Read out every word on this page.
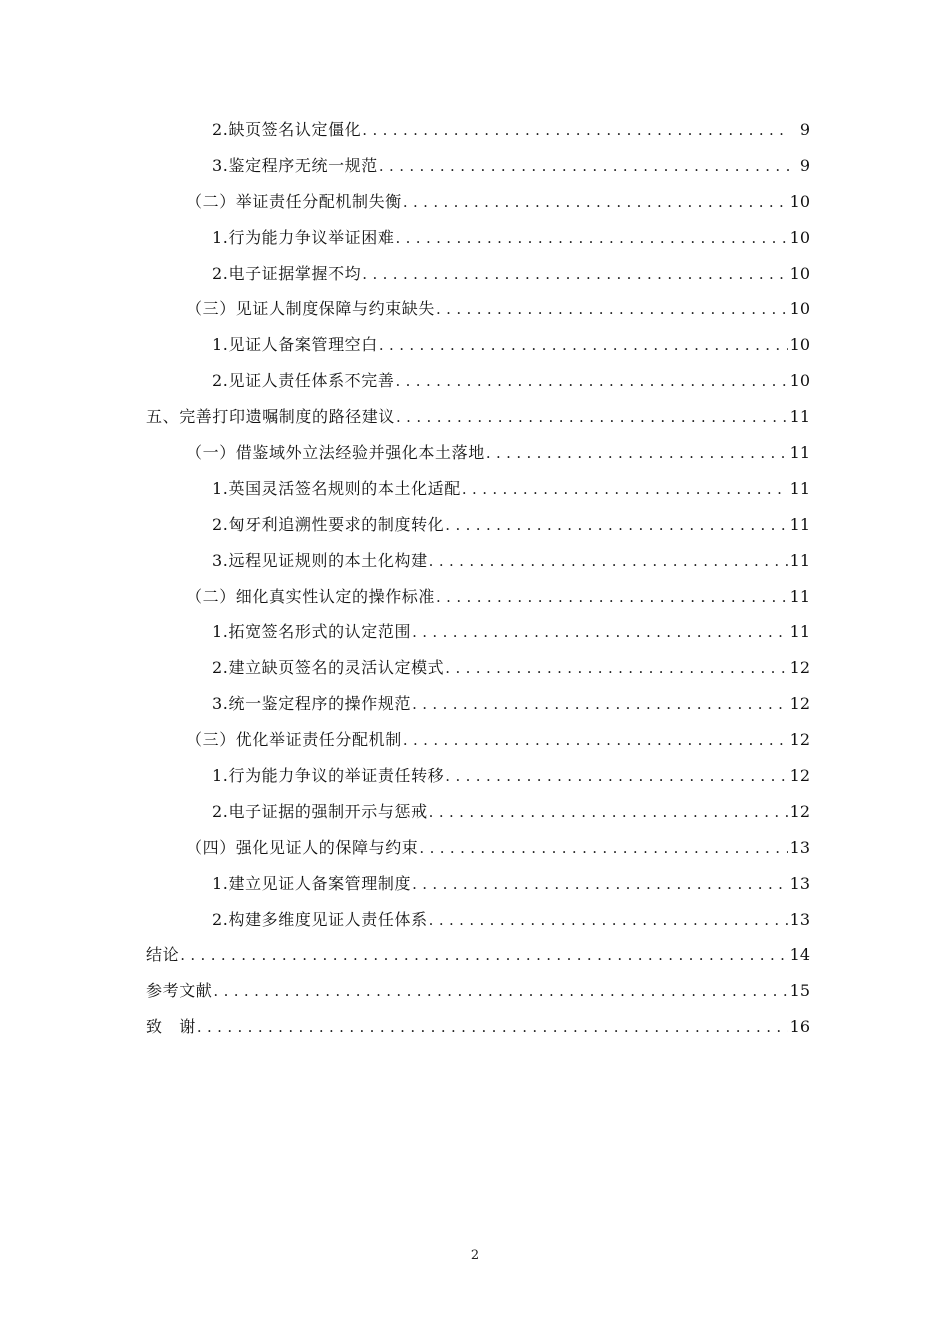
2.缺页签名认定僵化 .....	9
3.鉴定程序无统一规范 .....	9
（二）举证责任分配机制失衡 .....	10
1.行为能力争议举证困难 .....	10
2.电子证据掌握不均 .....	10
（三）见证人制度保障与约束缺失 .....	10
1.见证人备案管理空白 .....	10
2.见证人责任体系不完善 .....	10
五、完善打印遗嘱制度的路径建议 .....	11
（一）借鉴域外立法经验并强化本土落地 .....	11
1.英国灵活签名规则的本土化适配 .....	11
2.匈牙利追溯性要求的制度转化 .....	11
3.远程见证规则的本土化构建 .....	11
（二）细化真实性认定的操作标准 .....	11
1.拓宽签名形式的认定范围 .....	11
2.建立缺页签名的灵活认定模式 .....	12
3.统一鉴定程序的操作规范 .....	12
（三）优化举证责任分配机制 .....	12
1.行为能力争议的举证责任转移 .....	12
2.电子证据的强制开示与惩戒 .....	12
（四）强化见证人的保障与约束 .....	13
1.建立见证人备案管理制度 .....	13
2.构建多维度见证人责任体系 .....	13
结论 .....	14
参考文献 .....	15
致　谢 .....	16
2
